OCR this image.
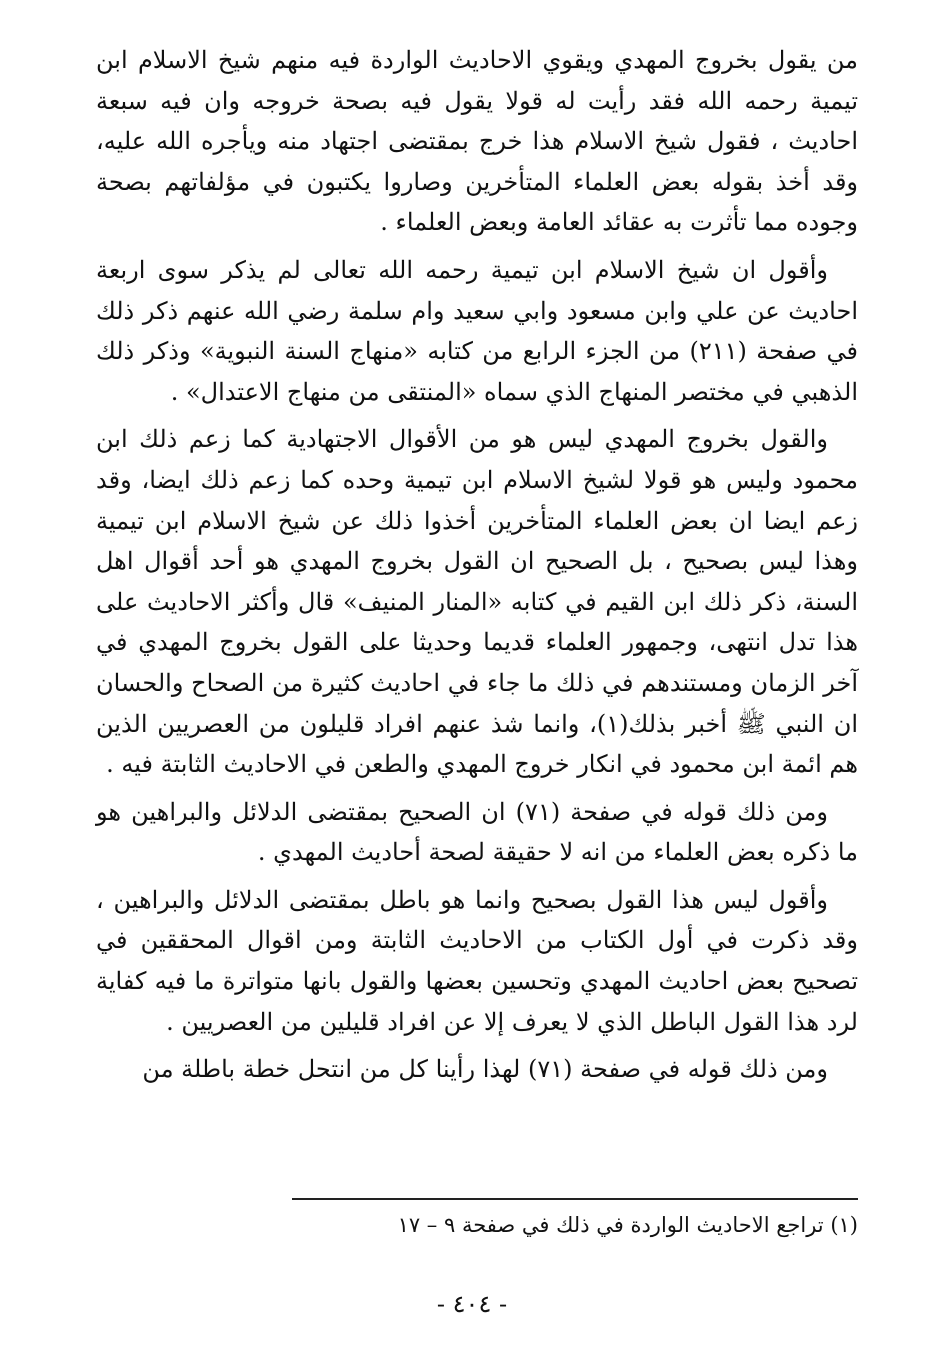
من يقول بخروج المهدي ويقوي الاحاديث الواردة فيه منهم شيخ الاسلام ابن تيمية رحمه الله فقد رأيت له قولا يقول فيه بصحة خروجه وان فيه سبعة احاديث ، فقول شيخ الاسلام هذا خرج بمقتضى اجتهاد منه ويأجره الله عليه، وقد أخذ بقوله بعض العلماء المتأخرين وصاروا يكتبون في مؤلفاتهم بصحة وجوده مما تأثرت به عقائد العامة وبعض العلماء .

وأقول ان شيخ الاسلام ابن تيمية رحمه الله تعالى لم يذكر سوى اربعة احاديث عن علي وابن مسعود وابي سعيد وام سلمة رضي الله عنهم ذكر ذلك في صفحة (٢١١) من الجزء الرابع من كتابه «منهاج السنة النبوية» وذكر ذلك الذهبي في مختصر المنهاج الذي سماه «المنتقى من منهاج الاعتدال» .

والقول بخروج المهدي ليس هو من الأقوال الاجتهادية كما زعم ذلك ابن محمود وليس هو قولا لشيخ الاسلام ابن تيمية وحده كما زعم ذلك ايضا، وقد زعم ايضا ان بعض العلماء المتأخرين أخذوا ذلك عن شيخ الاسلام ابن تيمية وهذا ليس بصحيح ، بل الصحيح ان القول بخروج المهدي هو أحد أقوال اهل السنة، ذكر ذلك ابن القيم في كتابه «المنار المنيف» قال وأكثر الاحاديث على هذا تدل انتهى، وجمهور العلماء قديما وحديثا على القول بخروج المهدي في آخر الزمان ومستندهم في ذلك ما جاء في احاديث كثيرة من الصحاح والحسان ان النبي ﷺ أخبر بذلك(١)، وانما شذ عنهم افراد قليلون من العصريين الذين هم ائمة ابن محمود في انكار خروج المهدي والطعن في الاحاديث الثابتة فيه .

ومن ذلك قوله في صفحة (٧١) ان الصحيح بمقتضى الدلائل والبراهين هو ما ذكره بعض العلماء من انه لا حقيقة لصحة أحاديث المهدي .

وأقول ليس هذا القول بصحيح وانما هو باطل بمقتضى الدلائل والبراهين ، وقد ذكرت في أول الكتاب من الاحاديث الثابتة ومن اقوال المحققين في تصحيح بعض احاديث المهدي وتحسين بعضها والقول بانها متواترة ما فيه كفاية لرد هذا القول الباطل الذي لا يعرف إلا عن افراد قليلين من العصريين .

ومن ذلك قوله في صفحة (٧١) لهذا رأينا كل من انتحل خطة باطلة من

(١) تراجع الاحاديث الواردة في ذلك في صفحة ٩ – ١٧
- ٤٠٤ -
